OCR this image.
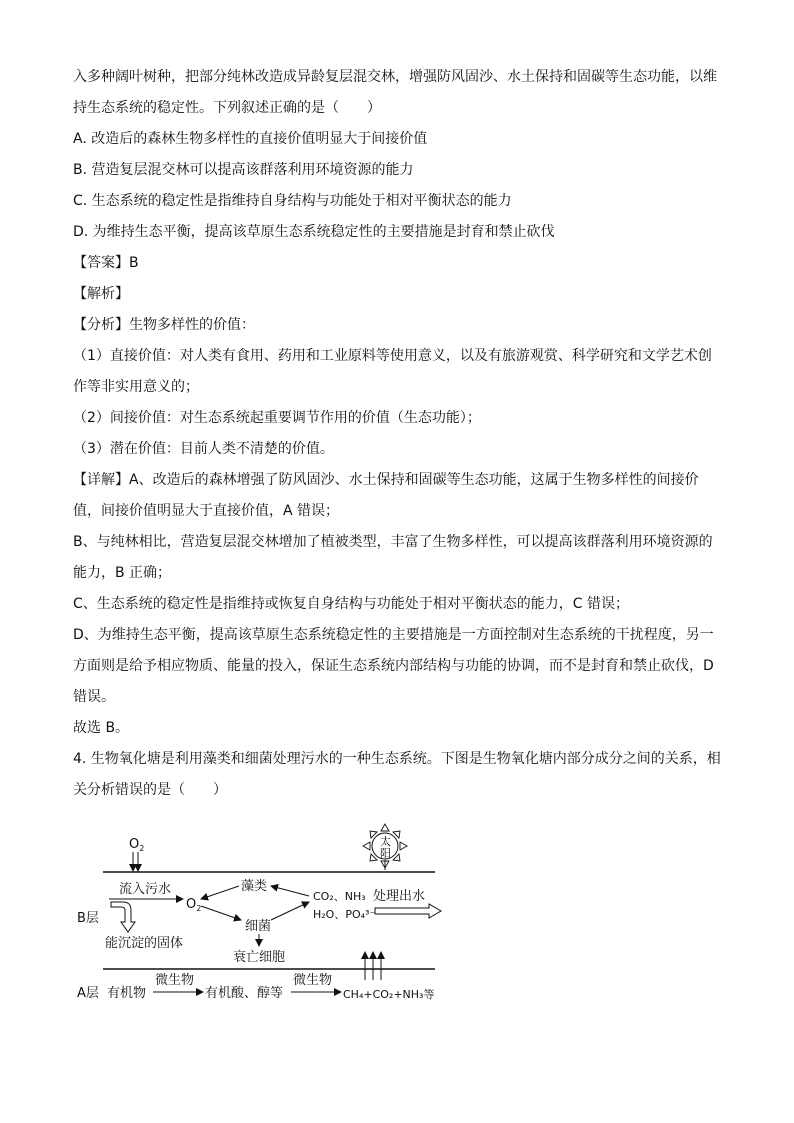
入多种阔叶树种，把部分纯林改造成异龄复层混交林，增强防风固沙、水土保持和固碳等生态功能，以维
持生态系统的稳定性。下列叙述正确的是（　　）
A. 改造后的森林生物多样性的直接价值明显大于间接价值
B. 营造复层混交林可以提高该群落利用环境资源的能力
C. 生态系统的稳定性是指维持自身结构与功能处于相对平衡状态的能力
D. 为维持生态平衡，提高该草原生态系统稳定性的主要措施是封育和禁止砍伐
【答案】B
【解析】
【分析】生物多样性的价值：
（1）直接价值：对人类有食用、药用和工业原料等使用意义，以及有旅游观赏、科学研究和文学艺术创
作等非实用意义的；
（2）间接价值：对生态系统起重要调节作用的价值（生态功能）；
（3）潜在价值：目前人类不清楚的价值。
【详解】A、改造后的森林增强了防风固沙、水土保持和固碳等生态功能，这属于生物多样性的间接价
值，间接价值明显大于直接价值，A 错误；
B、与纯林相比，营造复层混交林增加了植被类型，丰富了生物多样性，可以提高该群落利用环境资源的
能力，B 正确；
C、生态系统的稳定性是指维持或恢复自身结构与功能处于相对平衡状态的能力，C 错误；
D、为维持生态平衡，提高该草原生态系统稳定性的主要措施是一方面控制对生态系统的干扰程度，另一
方面则是给予相应物质、能量的投入，保证生态系统内部结构与功能的协调，而不是封育和禁止砍伐，D
错误。
故选 B。
4. 生物氧化塘是利用藻类和细菌处理污水的一种生态系统。下图是生物氧化塘内部分成分之间的关系，相
关分析错误的是（　　）
$O_2$
太
阳
流入污水
$O_2$
藻类
细菌
CO₂、NH₃
H₂O、PO₄³⁻
处理出水
B层
能沉淀的固体
衰亡细胞
A层 有机物
微生物
有机酸、醇等
微生物
CH₄+CO₂+NH₃等
